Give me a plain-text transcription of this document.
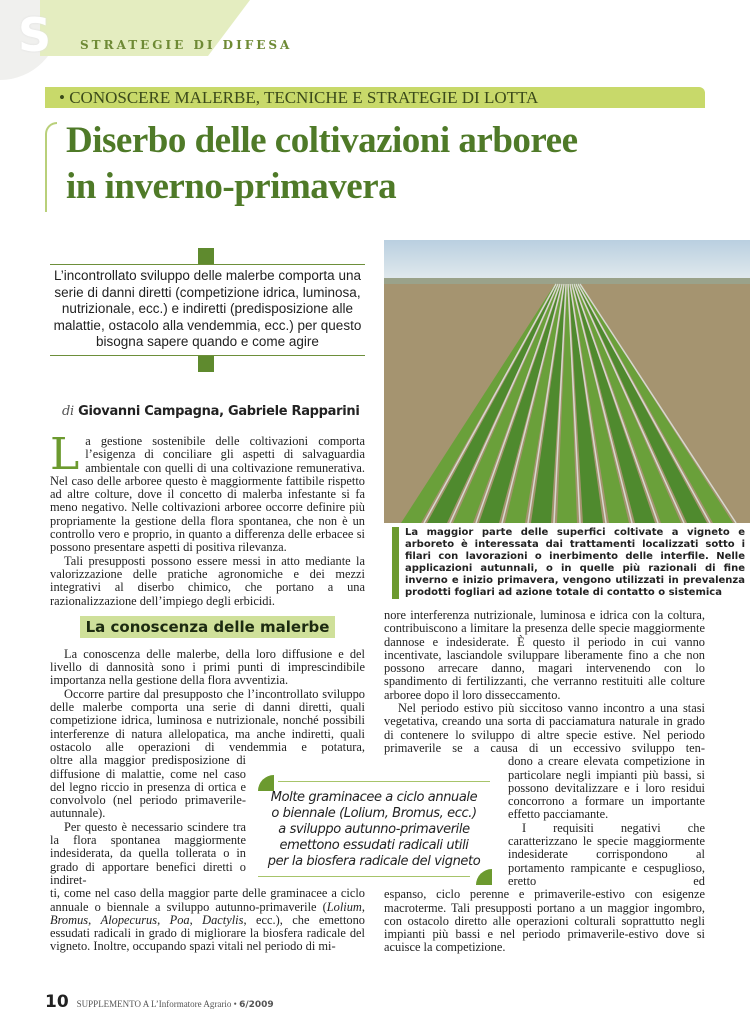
S STRATEGIE DI DIFESA
• CONOSCERE MALERBE, TECNICHE E STRATEGIE DI LOTTA
Diserbo delle coltivazioni arboree
in inverno-primavera
L’incontrollato sviluppo delle malerbe comporta una serie di danni diretti (competizione idrica, luminosa, nutrizionale, ecc.) e indiretti (predisposizione alle malattie, ostacolo alla vendemmia, ecc.) per questo bisogna sapere quando e come agire
di Giovanni Campagna, Gabriele Rapparini

La gestione sostenibile delle coltivazioni comporta l’esigenza di conciliare gli aspetti di salvaguardia ambientale con quelli di una coltivazione remunerativa. Nel caso delle arboree questo è maggiormente fattibile rispetto ad altre colture, dove il concetto di malerba infestante si fa meno negativo. Nelle coltivazioni arboree occorre definire più propriamente la gestione della flora spontanea, che non è un controllo vero e proprio, in quanto a differenza delle erbacee si possono presentare aspetti di positiva rilevanza.

Tali presupposti possono essere messi in atto mediante la valorizzazione delle pratiche agronomiche e dei mezzi integrativi al diserbo chimico, che portano a una razionalizzazione dell’impiego degli erbicidi.

La conoscenza delle malerbe

La conoscenza delle malerbe, della loro diffusione e del livello di dannosità sono i primi punti di imprescindibile importanza nella gestione della flora avventizia.

Occorre partire dal presupposto che l’incontrollato sviluppo delle malerbe comporta una serie di danni diretti, quali competizione idrica, luminosa e nutrizionale, nonché possibili interferenze di natura allelopatica, ma anche indiretti, quali ostacolo alle operazioni di vendemmia e potatura,

oltre alla maggior predisposizione di diffusione di malattie, come nel caso del legno riccio in presenza di ortica e convolvolo (nel periodo primaverile-autunnale).

Per questo è necessario scindere tra la flora spontanea maggiormente indesiderata, da quella tollerata o in grado di apportare benefici diretti o indiret-

ti, come nel caso della maggior parte delle graminacee a ciclo annuale o biennale a sviluppo autunno-primaverile (Lolium, Bromus, Alopecurus, Poa, Dactylis, ecc.), che emettono essudati radicali in grado di migliorare la biosfera radicale del vigneto. Inoltre, occupando spazi vitali nel periodo di mi-

La maggior parte delle superfici coltivate a vigneto e arboreto è interessata dai trattamenti localizzati sotto i filari con lavorazioni o inerbimento delle interfile. Nelle applicazioni autunnali, o in quelle più razionali di fine inverno e inizio primavera, vengono utilizzati in prevalenza prodotti fogliari ad azione totale di contatto o sistemica

nore interferenza nutrizionale, luminosa e idrica con la coltura, contribuiscono a limitare la presenza delle specie maggiormente dannose e indesiderate. È questo il periodo in cui vanno incentivate, lasciandole sviluppare liberamente fino a che non possono arrecare danno, magari intervenendo con lo spandimento di fertilizzanti, che verranno restituiti alle colture arboree dopo il loro disseccamento.

Nel periodo estivo più siccitoso vanno incontro a una stasi vegetativa, creando una sorta di pacciamatura naturale in grado di contenere lo sviluppo di altre specie estive. Nel periodo primaverile se a causa di un eccessivo sviluppo ten-

dono a creare elevata competizione in particolare negli impianti più bassi, si possono devitalizzare e i loro residui concorrono a formare un importante effetto pacciamante.

I requisiti negativi che caratterizzano le specie maggiormente indesiderate corrispondono al portamento rampicante e cespuglioso, eretto ed

espanso, ciclo perenne e primaverile-estivo con esigenze macroterme. Tali presupposti portano a un maggior ingombro, con ostacolo diretto alle operazioni colturali soprattutto negli impianti più bassi e nel periodo primaverile-estivo dove si acuisce la competizione.

Molte graminacee a ciclo annuale
o biennale (Lolium, Bromus, ecc.)
a sviluppo autunno-primaverile
emettono essudati radicali utili
per la biosfera radicale del vigneto
10 SUPPLEMENTO A L’Informatore Agrario • 6/2009
